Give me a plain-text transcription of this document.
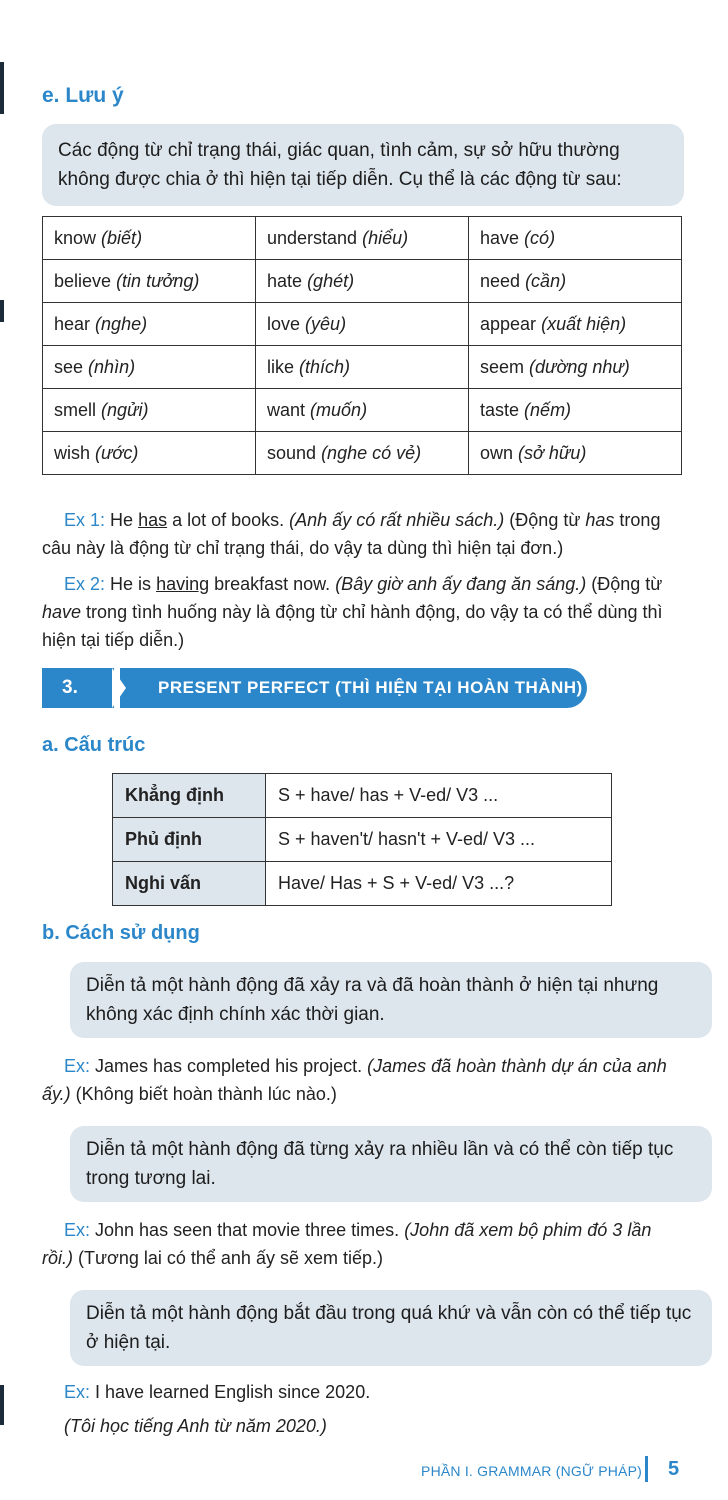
e. Lưu ý
Các động từ chỉ trạng thái, giác quan, tình cảm, sự sở hữu thường không được chia ở thì hiện tại tiếp diễn. Cụ thể là các động từ sau:
know (biết)	understand (hiểu)	have (có)
believe (tin tưởng)	hate (ghét)	need (cần)
hear (nghe)	love (yêu)	appear (xuất hiện)
see (nhìn)	like (thích)	seem (dường như)
smell (ngửi)	want (muốn)	taste (nếm)
wish (ước)	sound (nghe có vẻ)	own (sở hữu)
Ex 1: He has a lot of books. (Anh ấy có rất nhiều sách.) (Động từ has trong câu này là động từ chỉ trạng thái, do vậy ta dùng thì hiện tại đơn.)
Ex 2: He is having breakfast now. (Bây giờ anh ấy đang ăn sáng.) (Động từ have trong tình huống này là động từ chỉ hành động, do vậy ta có thể dùng thì hiện tại tiếp diễn.)
3.	PRESENT PERFECT (THÌ HIỆN TẠI HOÀN THÀNH)
a. Cấu trúc
Khẳng định	S + have/ has + V-ed/ V3 ...
Phủ định	S + haven't/ hasn't + V-ed/ V3 ...
Nghi vấn	Have/ Has + S + V-ed/ V3 ...?
b. Cách sử dụng
Diễn tả một hành động đã xảy ra và đã hoàn thành ở hiện tại nhưng không xác định chính xác thời gian.
Ex: James has completed his project. (James đã hoàn thành dự án của anh ấy.) (Không biết hoàn thành lúc nào.)
Diễn tả một hành động đã từng xảy ra nhiều lần và có thể còn tiếp tục trong tương lai.
Ex: John has seen that movie three times. (John đã xem bộ phim đó 3 lần rồi.) (Tương lai có thể anh ấy sẽ xem tiếp.)
Diễn tả một hành động bắt đầu trong quá khứ và vẫn còn có thể tiếp tục ở hiện tại.
Ex: I have learned English since 2020.
(Tôi học tiếng Anh từ năm 2020.)
PHẦN I. GRAMMAR (NGỮ PHÁP) 5
